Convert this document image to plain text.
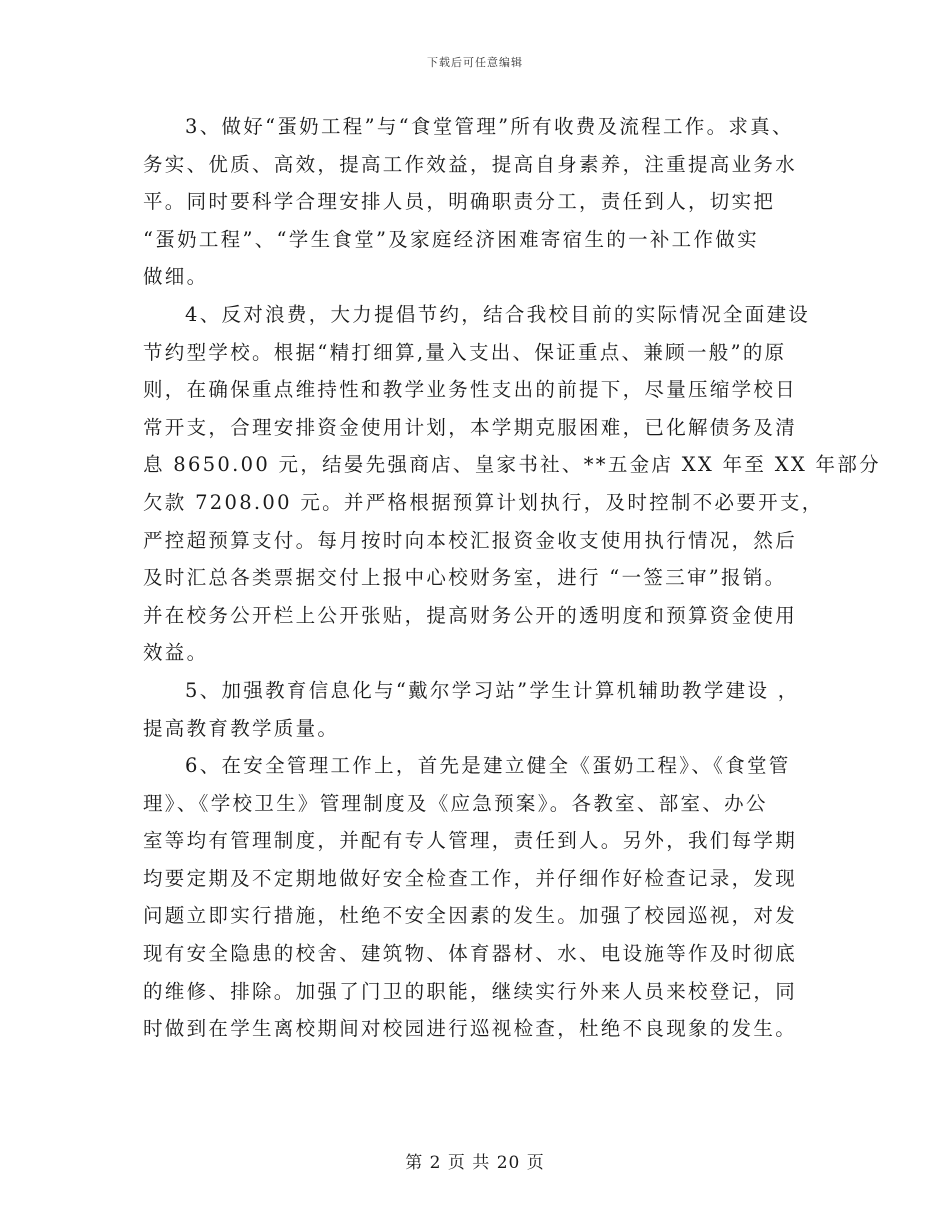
下载后可任意编辑
3、做好“蛋奶工程”与“食堂管理”所有收费及流程工作。求真、
务实、优质、高效，提高工作效益，提高自身素养，注重提高业务水
平。同时要科学合理安排人员，明确职责分工，责任到人，切实把
“蛋奶工程”、“学生食堂”及家庭经济困难寄宿生的一补工作做实
做细。
4、反对浪费，大力提倡节约，结合我校目前的实际情况全面建设
节约型学校。根据“精打细算,量入支出、保证重点、兼顾一般”的原
则，在确保重点维持性和教学业务性支出的前提下，尽量压缩学校日
常开支，合理安排资金使用计划，本学期克服困难，已化解债务及清
息 8650.00 元，结晏先强商店、皇家书社、**五金店 XX 年至 XX 年部分
欠款 7208.00 元。并严格根据预算计划执行，及时控制不必要开支，
严控超预算支付。每月按时向本校汇报资金收支使用执行情况，然后
及时汇总各类票据交付上报中心校财务室，进行 “一签三审”报销。
并在校务公开栏上公开张贴，提高财务公开的透明度和预算资金使用
效益。
5、加强教育信息化与“戴尔学习站”学生计算机辅助教学建设 ，
提高教育教学质量。
6、在安全管理工作上，首先是建立健全《蛋奶工程》、《食堂管
理》、《学校卫生》管理制度及《应急预案》。各教室、部室、办公
室等均有管理制度，并配有专人管理，责任到人。另外，我们每学期
均要定期及不定期地做好安全检查工作，并仔细作好检查记录，发现
问题立即实行措施，杜绝不安全因素的发生。加强了校园巡视，对发
现有安全隐患的校舍、建筑物、体育器材、水、电设施等作及时彻底
的维修、排除。加强了门卫的职能，继续实行外来人员来校登记，同
时做到在学生离校期间对校园进行巡视检查，杜绝不良现象的发生。
第 2 页 共 20 页
